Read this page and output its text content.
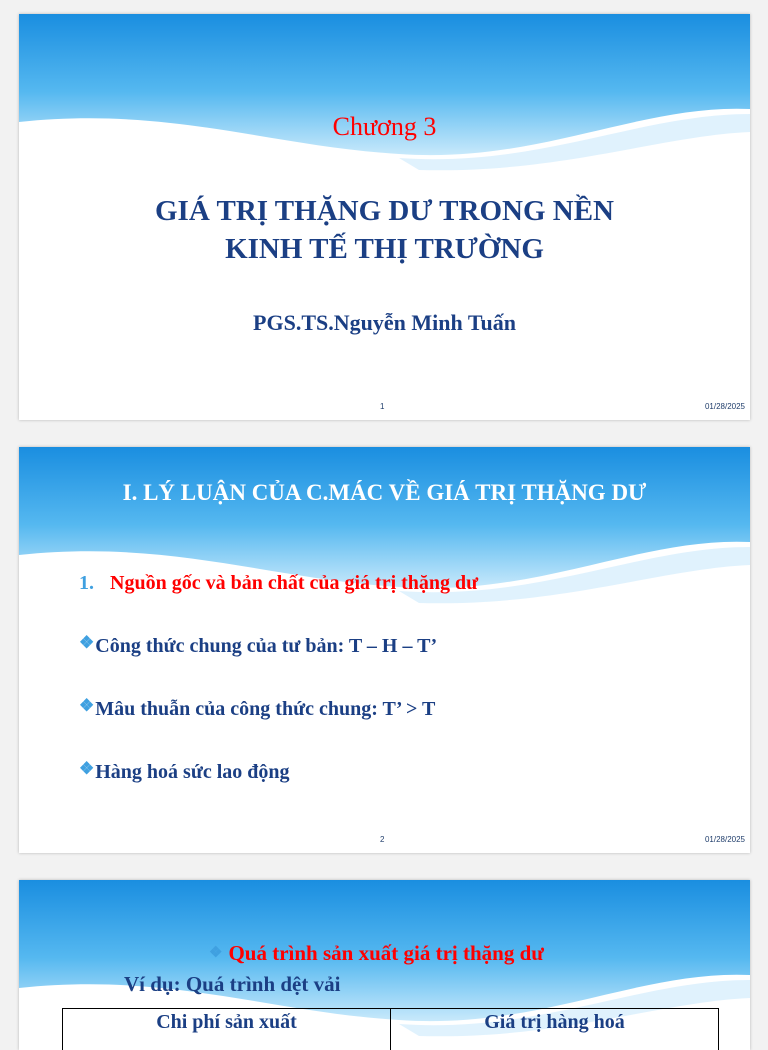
Chương 3
GIÁ TRỊ THẶNG DƯ TRONG NỀN
KINH TẾ THỊ TRƯỜNG
PGS.TS.Nguyễn Minh Tuấn
1	01/28/2025
I. LÝ LUẬN CỦA C.MÁC VỀ GIÁ TRỊ THẶNG DƯ
1. Nguồn gốc và bản chất của giá trị thặng dư
❖Công thức chung của tư bản: T – H – T’
❖Mâu thuẫn của công thức chung: T’ > T
❖Hàng hoá sức lao động
2	01/28/2025
❖ Quá trình sản xuất giá trị thặng dư
Ví dụ: Quá trình dệt vải
Chi phí sản xuất	Giá trị hàng hoá
